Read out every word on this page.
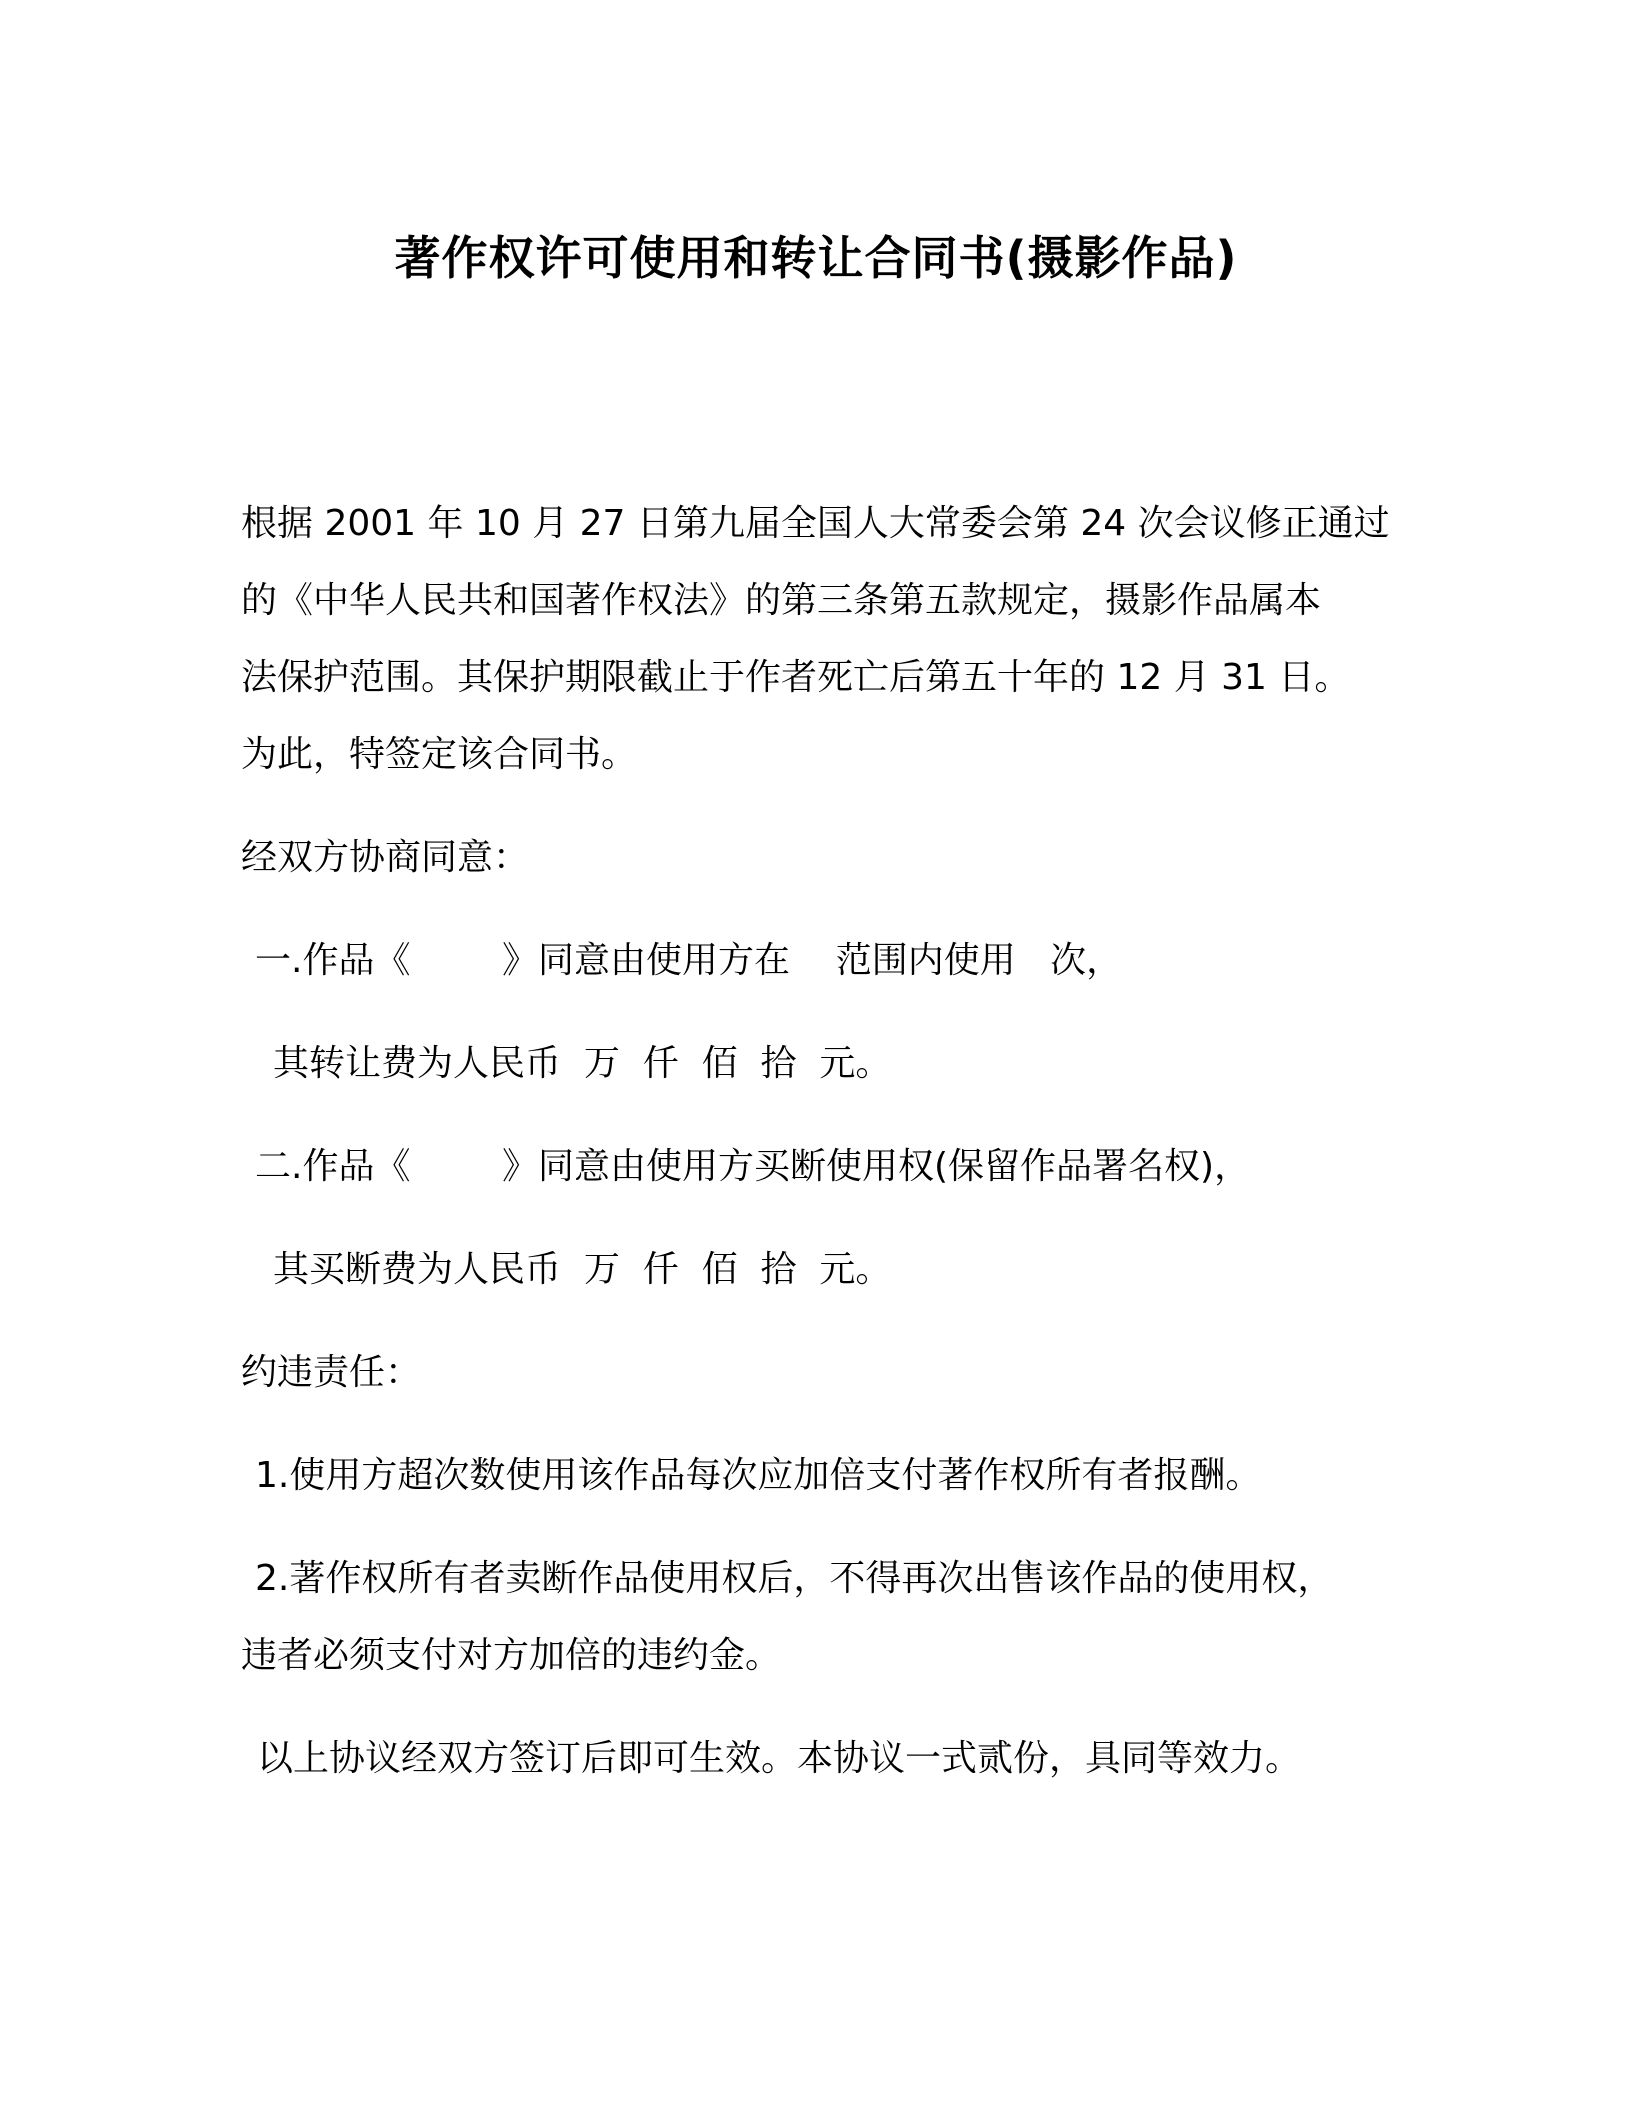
著作权许可使用和转让合同书(摄影作品)
根据 2001 年 10 月 27 日第九届全国人大常委会第 24 次会议修正通过
的《中华人民共和国著作权法》的第三条第五款规定，摄影作品属本
法保护范围。其保护期限截止于作者死亡后第五十年的 12 月 31 日。
为此，特签定该合同书。
经双方协商同意：
一.作品《        》同意由使用方在    范围内使用   次，
其转让费为人民币  万  仟  佰  拾  元。
二.作品《        》同意由使用方买断使用权(保留作品署名权)，
其买断费为人民币  万  仟  佰  拾  元。
约违责任：
1.使用方超次数使用该作品每次应加倍支付著作权所有者报酬。
2.著作权所有者卖断作品使用权后，不得再次出售该作品的使用权，
违者必须支付对方加倍的违约金。
以上协议经双方签订后即可生效。本协议一式贰份，具同等效力。
